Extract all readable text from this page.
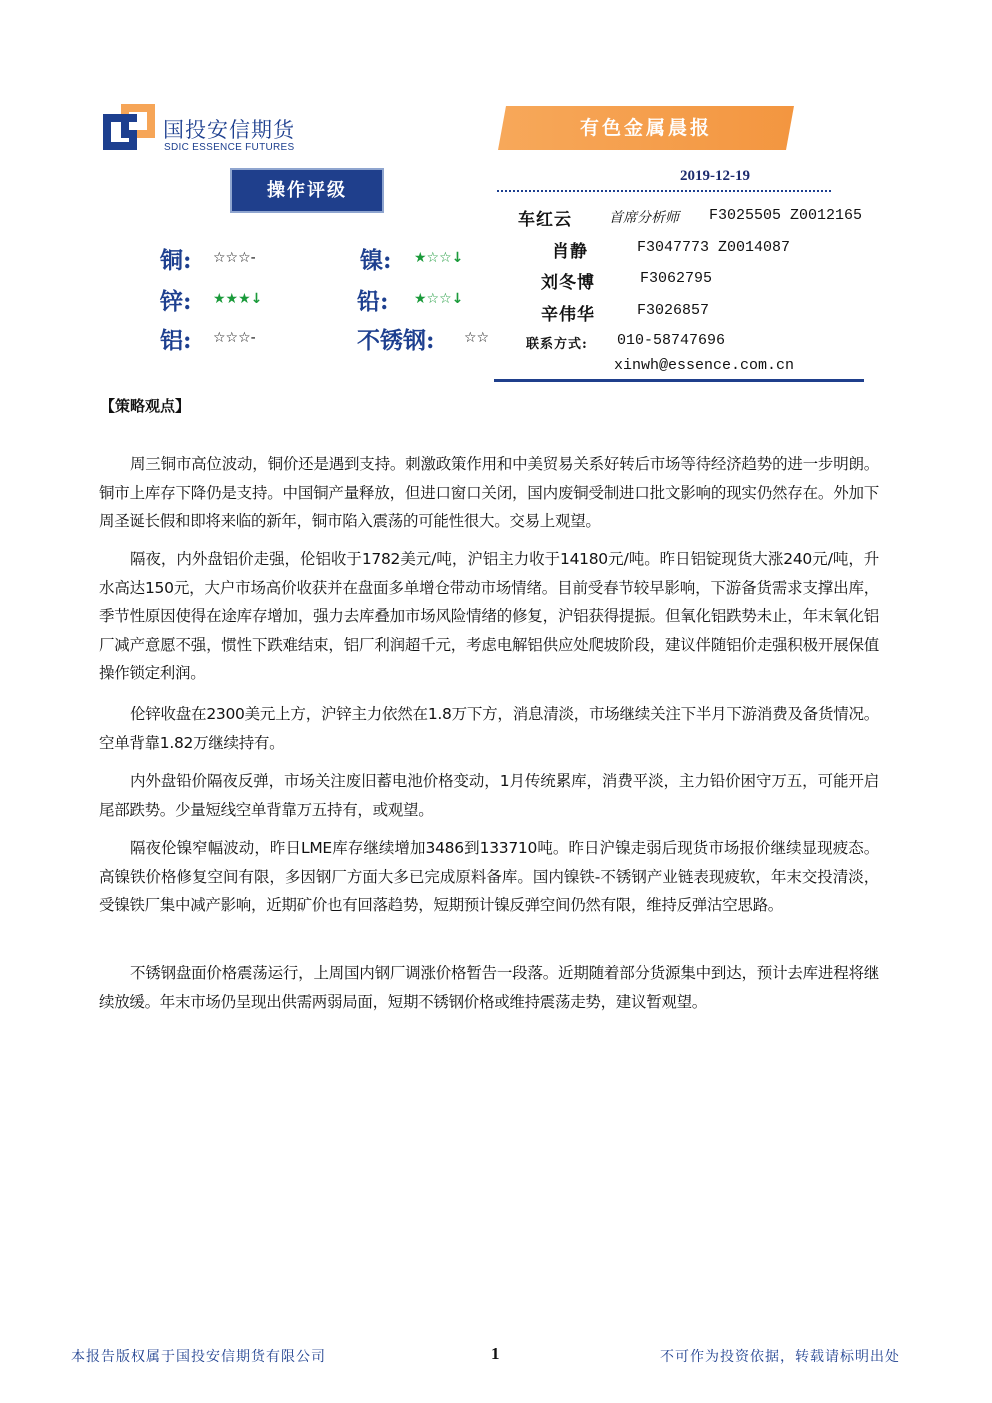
国投安信期货
SDIC ESSENCE FUTURES
有色金属晨报
2019-12-19
操作评级
铜: ☆☆☆-	镍: ★☆☆↓
锌: ★★★↓	铅: ★☆☆↓
铝: ☆☆☆-	不锈钢: ☆☆
车红云	首席分析师 F3025505 Z0012165
肖静	F3047773 Z0014087
刘冬博	F3062795
辛伟华	F3026857
联系方式: 010-58747696
xinwh@essence.com.cn
【策略观点】

周三铜市高位波动，铜价还是遇到支持。刺激政策作用和中美贸易关系好转后市场等待经济趋势的进一步明朗。铜市上库存下降仍是支持。中国铜产量释放，但进口窗口关闭，国内废铜受制进口批文影响的现实仍然存在。外加下周圣诞长假和即将来临的新年，铜市陷入震荡的可能性很大。交易上观望。

隔夜，内外盘铝价走强，伦铝收于1782美元/吨，沪铝主力收于14180元/吨。昨日铝锭现货大涨240元/吨，升水高达150元，大户市场高价收获并在盘面多单增仓带动市场情绪。目前受春节较早影响，下游备货需求支撑出库，季节性原因使得在途库存增加，强力去库叠加市场风险情绪的修复，沪铝获得提振。但氧化铝跌势未止，年末氧化铝厂减产意愿不强，惯性下跌难结束，铝厂利润超千元，考虑电解铝供应处爬坡阶段，建议伴随铝价走强积极开展保值操作锁定利润。

伦锌收盘在2300美元上方，沪锌主力依然在1.8万下方，消息清淡，市场继续关注下半月下游消费及备货情况。空单背靠1.82万继续持有。

内外盘铅价隔夜反弹，市场关注废旧蓄电池价格变动，1月传统累库，消费平淡，主力铅价困守万五，可能开启尾部跌势。少量短线空单背靠万五持有，或观望。

隔夜伦镍窄幅波动，昨日LME库存继续增加3486到133710吨。昨日沪镍走弱后现货市场报价继续显现疲态。高镍铁价格修复空间有限，多因钢厂方面大多已完成原料备库。国内镍铁-不锈钢产业链表现疲软，年末交投清淡，受镍铁厂集中减产影响，近期矿价也有回落趋势，短期预计镍反弹空间仍然有限，维持反弹沽空思路。

不锈钢盘面价格震荡运行，上周国内钢厂调涨价格暂告一段落。近期随着部分货源集中到达，预计去库进程将继续放缓。年末市场仍呈现出供需两弱局面，短期不锈钢价格或维持震荡走势，建议暂观望。

本报告版权属于国投安信期货有限公司	1	不可作为投资依据，转载请标明出处
